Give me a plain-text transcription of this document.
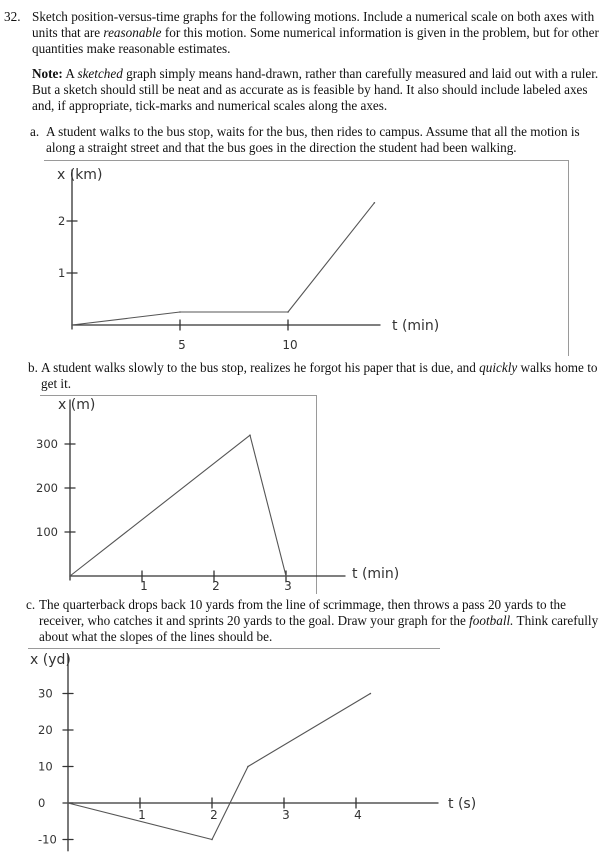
32. Sketch position-versus-time graphs for the following motions. Include a numerical scale on both axes with units that are reasonable for this motion. Some numerical information is given in the problem, but for other quantities make reasonable estimates.
Note: A sketched graph simply means hand-drawn, rather than carefully measured and laid out with a ruler. But a sketch should still be neat and as accurate as is feasible by hand. It also should include labeled axes and, if appropriate, tick-marks and numerical scales along the axes.
a. A student walks to the bus stop, waits for the bus, then rides to campus. Assume that all the motion is along a straight street and that the bus goes in the direction the student had been walking.
5	10
1
2
t (min)
x (km)
b. A student walks slowly to the bus stop, realizes he forgot his paper that is due, and quickly walks home to get it.
1	2	3
100
200
300
t (min)
x (m)
c. The quarterback drops back 10 yards from the line of scrimmage, then throws a pass 20 yards to the receiver, who catches it and sprints 20 yards to the goal. Draw your graph for the football. Think carefully about what the slopes of the lines should be.
1	2	3	4
-10
0
10
20
30
t (s)
x (yd)
